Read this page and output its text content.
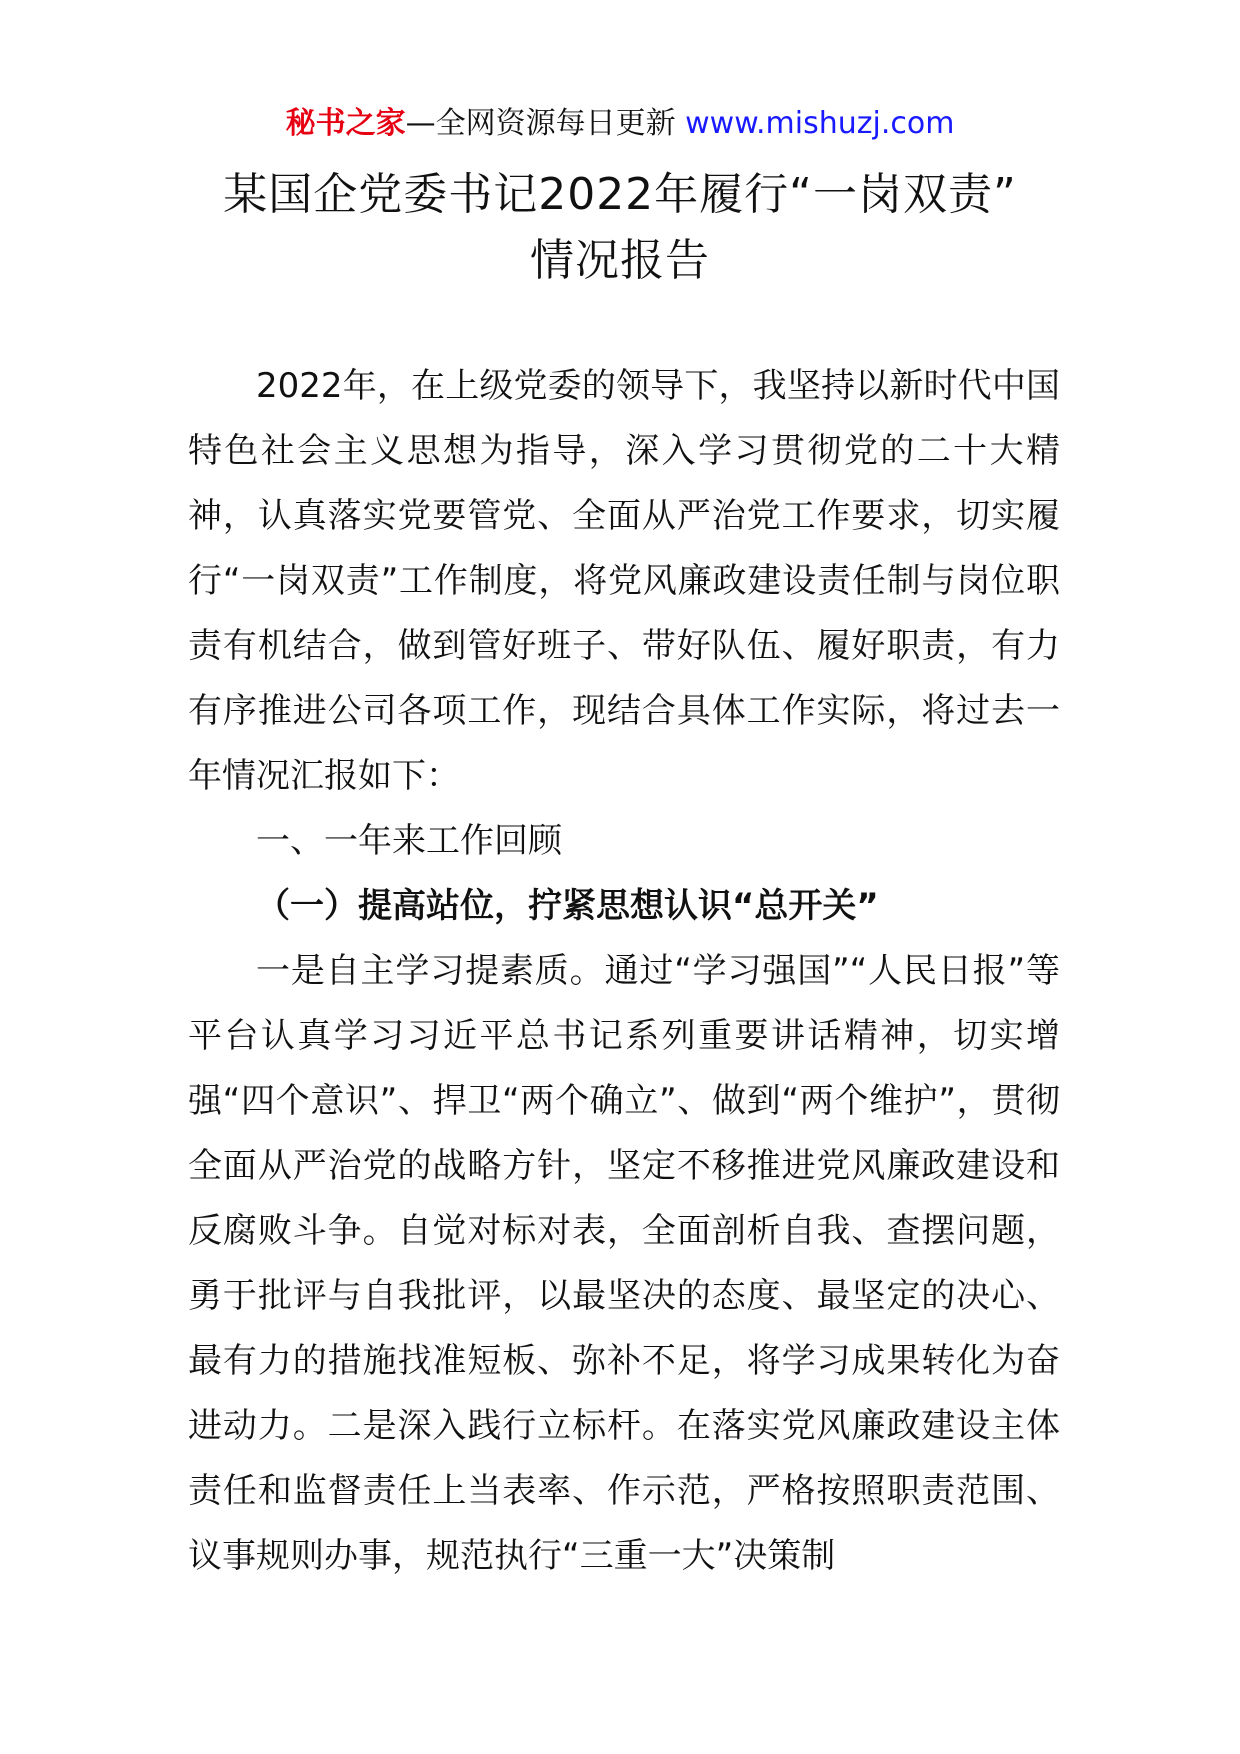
秘书之家—全网资源每日更新 www.mishuzj.com
某国企党委书记2022年履行“一岗双责”
情况报告

2022年，在上级党委的领导下，我坚持以新时代中国特色社会主义思想为指导，深入学习贯彻党的二十大精神，认真落实党要管党、全面从严治党工作要求，切实履行“一岗双责”工作制度，将党风廉政建设责任制与岗位职责有机结合，做到管好班子、带好队伍、履好职责，有力有序推进公司各项工作，现结合具体工作实际，将过去一年情况汇报如下：

一、一年来工作回顾

（一）提高站位，拧紧思想认识“总开关”

一是自主学习提素质。通过“学习强国”“人民日报”等平台认真学习习近平总书记系列重要讲话精神，切实增强“四个意识”、捍卫“两个确立”、做到“两个维护”，贯彻全面从严治党的战略方针，坚定不移推进党风廉政建设和反腐败斗争。自觉对标对表，全面剖析自我、查摆问题，勇于批评与自我批评，以最坚决的态度、最坚定的决心、最有力的措施找准短板、弥补不足，将学习成果转化为奋进动力。二是深入践行立标杆。在落实党风廉政建设主体责任和监督责任上当表率、作示范，严格按照职责范围、议事规则办事，规范执行“三重一大”决策制
